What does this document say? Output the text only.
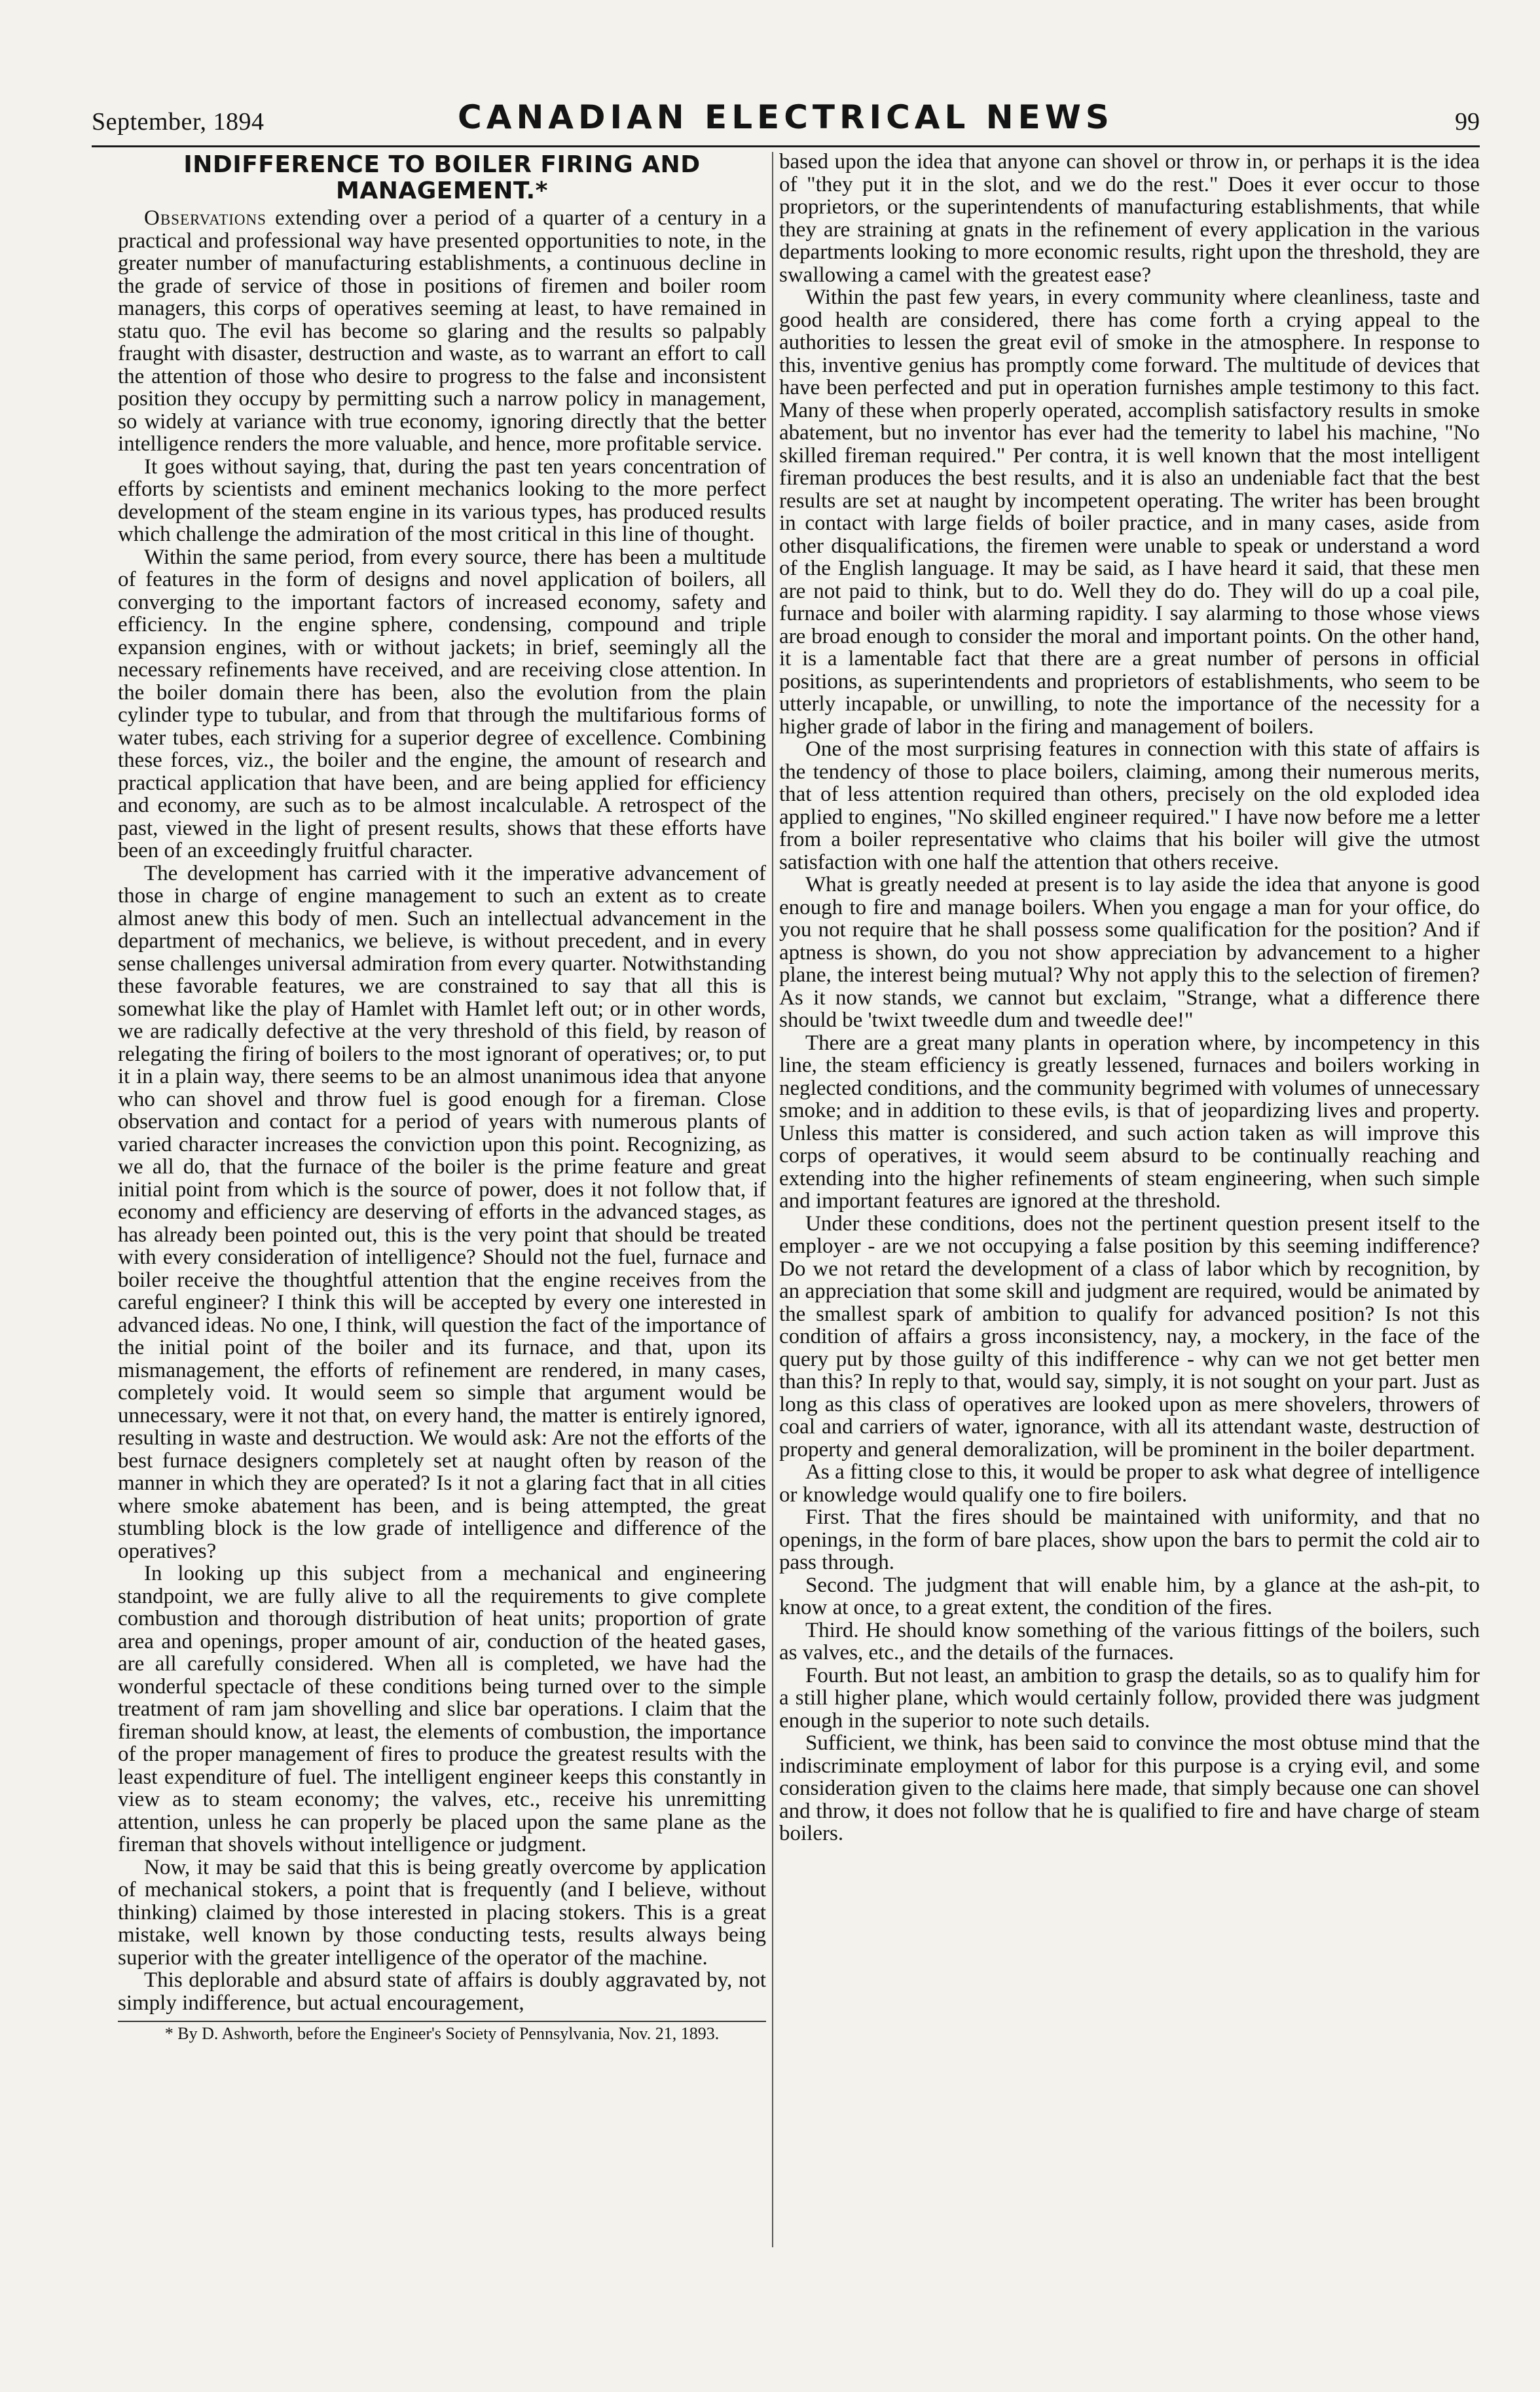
September, 1894	CANADIAN ELECTRICAL NEWS	99
INDIFFERENCE TO BOILER FIRING AND MANAGEMENT.*

Observations extending over a period of a quarter of a century in a practical and professional way have presented opportunities to note, in the greater number of manufacturing establishments, a continuous decline in the grade of service of those in positions of firemen and boiler room managers, this corps of operatives seeming at least, to have remained in statu quo. The evil has become so glaring and the results so palpably fraught with disaster, destruction and waste, as to warrant an effort to call the attention of those who desire to progress to the false and inconsistent position they occupy by permitting such a narrow policy in management, so widely at variance with true economy, ignoring directly that the better intelligence renders the more valuable, and hence, more profitable service.

It goes without saying, that, during the past ten years concentration of efforts by scientists and eminent mechanics looking to the more perfect development of the steam engine in its various types, has produced results which challenge the admiration of the most critical in this line of thought.

Within the same period, from every source, there has been a multitude of features in the form of designs and novel application of boilers, all converging to the important factors of increased economy, safety and efficiency. In the engine sphere, condensing, compound and triple expansion engines, with or without jackets; in brief, seemingly all the necessary refinements have received, and are receiving close attention. In the boiler domain there has been, also the evolution from the plain cylinder type to tubular, and from that through the multifarious forms of water tubes, each striving for a superior degree of excellence. Combining these forces, viz., the boiler and the engine, the amount of research and practical application that have been, and are being applied for efficiency and economy, are such as to be almost incalculable. A retrospect of the past, viewed in the light of present results, shows that these efforts have been of an exceedingly fruitful character.

The development has carried with it the imperative advancement of those in charge of engine management to such an extent as to create almost anew this body of men. Such an intellectual advancement in the department of mechanics, we believe, is without precedent, and in every sense challenges universal admiration from every quarter. Notwithstanding these favorable features, we are constrained to say that all this is somewhat like the play of Hamlet with Hamlet left out; or in other words, we are radically defective at the very threshold of this field, by reason of relegating the firing of boilers to the most ignorant of operatives; or, to put it in a plain way, there seems to be an almost unanimous idea that anyone who can shovel and throw fuel is good enough for a fireman. Close observation and contact for a period of years with numerous plants of varied character increases the conviction upon this point. Recognizing, as we all do, that the furnace of the boiler is the prime feature and great initial point from which is the source of power, does it not follow that, if economy and efficiency are deserving of efforts in the advanced stages, as has already been pointed out, this is the very point that should be treated with every consideration of intelligence? Should not the fuel, furnace and boiler receive the thoughtful attention that the engine receives from the careful engineer? I think this will be accepted by every one interested in advanced ideas. No one, I think, will question the fact of the importance of the initial point of the boiler and its furnace, and that, upon its mismanagement, the efforts of refinement are rendered, in many cases, completely void. It would seem so simple that argument would be unnecessary, were it not that, on every hand, the matter is entirely ignored, resulting in waste and destruction. We would ask: Are not the efforts of the best furnace designers completely set at naught often by reason of the manner in which they are operated? Is it not a glaring fact that in all cities where smoke abatement has been, and is being attempted, the great stumbling block is the low grade of intelligence and difference of the operatives?

In looking up this subject from a mechanical and engineering standpoint, we are fully alive to all the requirements to give complete combustion and thorough distribution of heat units; proportion of grate area and openings, proper amount of air, conduction of the heated gases, are all carefully considered. When all is completed, we have had the wonderful spectacle of these conditions being turned over to the simple treatment of ram jam shovelling and slice bar operations. I claim that the fireman should know, at least, the elements of combustion, the importance of the proper management of fires to produce the greatest results with the least expenditure of fuel. The intelligent engineer keeps this constantly in view as to steam economy; the valves, etc., receive his unremitting attention, unless he can properly be placed upon the same plane as the fireman that shovels without intelligence or judgment.

Now, it may be said that this is being greatly overcome by application of mechanical stokers, a point that is frequently (and I believe, without thinking) claimed by those interested in placing stokers. This is a great mistake, well known by those conducting tests, results always being superior with the greater intelligence of the operator of the machine.

This deplorable and absurd state of affairs is doubly aggravated by, not simply indifference, but actual encouragement,

* By D. Ashworth, before the Engineer's Society of Pennsylvania, Nov. 21, 1893.

based upon the idea that anyone can shovel or throw in, or perhaps it is the idea of "they put it in the slot, and we do the rest." Does it ever occur to those proprietors, or the superintendents of manufacturing establishments, that while they are straining at gnats in the refinement of every application in the various departments looking to more economic results, right upon the threshold, they are swallowing a camel with the greatest ease?

Within the past few years, in every community where cleanliness, taste and good health are considered, there has come forth a crying appeal to the authorities to lessen the great evil of smoke in the atmosphere. In response to this, inventive genius has promptly come forward. The multitude of devices that have been perfected and put in operation furnishes ample testimony to this fact. Many of these when properly operated, accomplish satisfactory results in smoke abatement, but no inventor has ever had the temerity to label his machine, "No skilled fireman required." Per contra, it is well known that the most intelligent fireman produces the best results, and it is also an undeniable fact that the best results are set at naught by incompetent operating. The writer has been brought in contact with large fields of boiler practice, and in many cases, aside from other disqualifications, the firemen were unable to speak or understand a word of the English language. It may be said, as I have heard it said, that these men are not paid to think, but to do. Well they do do. They will do up a coal pile, furnace and boiler with alarming rapidity. I say alarming to those whose views are broad enough to consider the moral and important points. On the other hand, it is a lamentable fact that there are a great number of persons in official positions, as superintendents and proprietors of establishments, who seem to be utterly incapable, or unwilling, to note the importance of the necessity for a higher grade of labor in the firing and management of boilers.

One of the most surprising features in connection with this state of affairs is the tendency of those to place boilers, claiming, among their numerous merits, that of less attention required than others, precisely on the old exploded idea applied to engines, "No skilled engineer required." I have now before me a letter from a boiler representative who claims that his boiler will give the utmost satisfaction with one half the attention that others receive.

What is greatly needed at present is to lay aside the idea that anyone is good enough to fire and manage boilers. When you engage a man for your office, do you not require that he shall possess some qualification for the position? And if aptness is shown, do you not show appreciation by advancement to a higher plane, the interest being mutual? Why not apply this to the selection of firemen? As it now stands, we cannot but exclaim, "Strange, what a difference there should be 'twixt tweedle dum and tweedle dee!"

There are a great many plants in operation where, by incompetency in this line, the steam efficiency is greatly lessened, furnaces and boilers working in neglected conditions, and the community begrimed with volumes of unnecessary smoke; and in addition to these evils, is that of jeopardizing lives and property. Unless this matter is considered, and such action taken as will improve this corps of operatives, it would seem absurd to be continually reaching and extending into the higher refinements of steam engineering, when such simple and important features are ignored at the threshold.

Under these conditions, does not the pertinent question present itself to the employer - are we not occupying a false position by this seeming indifference? Do we not retard the development of a class of labor which by recognition, by an appreciation that some skill and judgment are required, would be animated by the smallest spark of ambition to qualify for advanced position? Is not this condition of affairs a gross inconsistency, nay, a mockery, in the face of the query put by those guilty of this indifference - why can we not get better men than this? In reply to that, would say, simply, it is not sought on your part. Just as long as this class of operatives are looked upon as mere shovelers, throwers of coal and carriers of water, ignorance, with all its attendant waste, destruction of property and general demoralization, will be prominent in the boiler department.

As a fitting close to this, it would be proper to ask what degree of intelligence or knowledge would qualify one to fire boilers.

First. That the fires should be maintained with uniformity, and that no openings, in the form of bare places, show upon the bars to permit the cold air to pass through.

Second. The judgment that will enable him, by a glance at the ash-pit, to know at once, to a great extent, the condition of the fires.

Third. He should know something of the various fittings of the boilers, such as valves, etc., and the details of the furnaces.

Fourth. But not least, an ambition to grasp the details, so as to qualify him for a still higher plane, which would certainly follow, provided there was judgment enough in the superior to note such details.

Sufficient, we think, has been said to convince the most obtuse mind that the indiscriminate employment of labor for this purpose is a crying evil, and some consideration given to the claims here made, that simply because one can shovel and throw, it does not follow that he is qualified to fire and have charge of steam boilers.
